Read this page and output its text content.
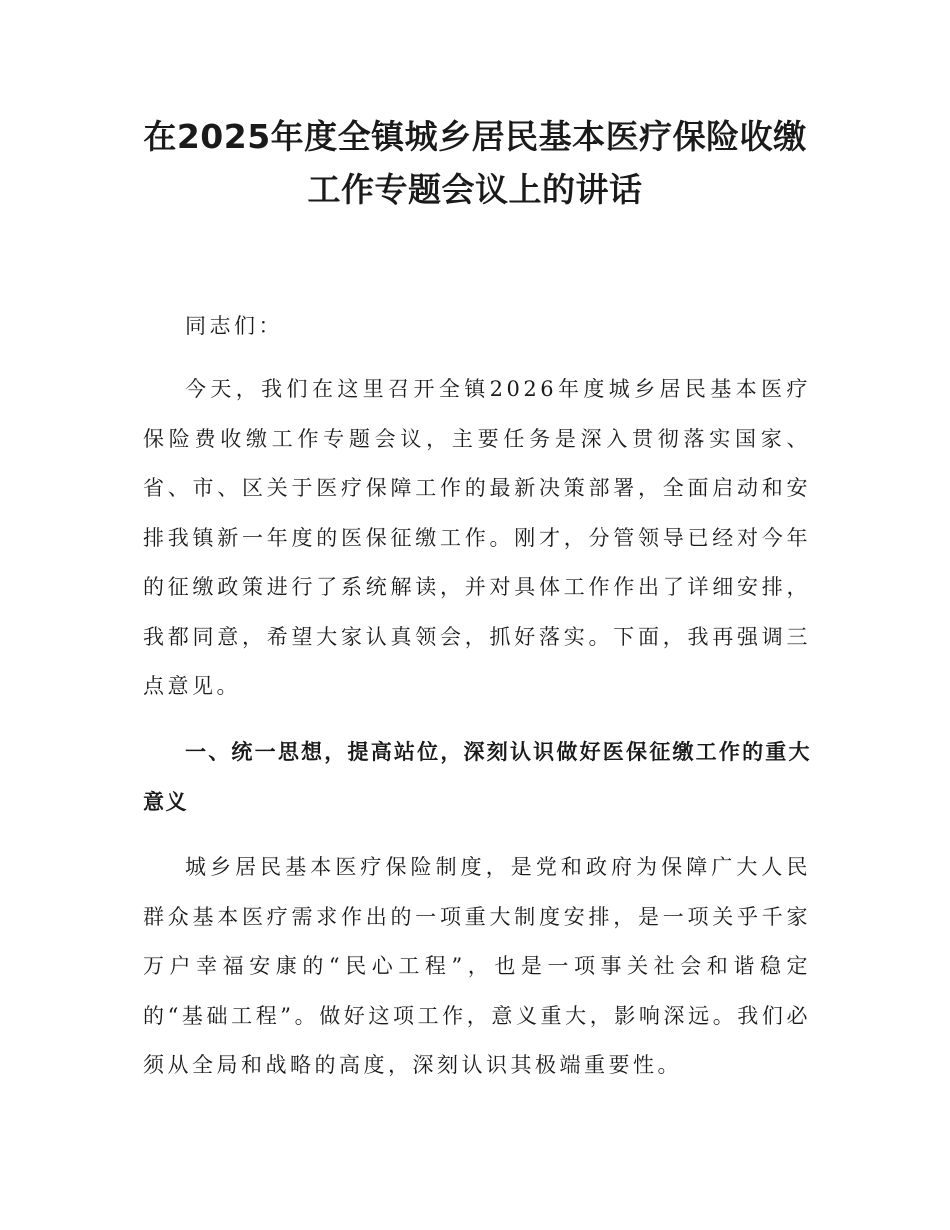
在2025年度全镇城乡居民基本医疗保险收缴
工作专题会议上的讲话

同志们：

今天，我们在这里召开全镇2026年度城乡居民基本医疗保险费收缴工作专题会议，主要任务是深入贯彻落实国家、省、市、区关于医疗保障工作的最新决策部署，全面启动和安排我镇新一年度的医保征缴工作。刚才，分管领导已经对今年的征缴政策进行了系统解读，并对具体工作作出了详细安排，我都同意，希望大家认真领会，抓好落实。下面，我再强调三点意见。

一、统一思想，提高站位，深刻认识做好医保征缴工作的重大意义

城乡居民基本医疗保险制度，是党和政府为保障广大人民群众基本医疗需求作出的一项重大制度安排，是一项关乎千家万户幸福安康的“民心工程”，也是一项事关社会和谐稳定的“基础工程”。做好这项工作，意义重大，影响深远。我们必须从全局和战略的高度，深刻认识其极端重要性。
